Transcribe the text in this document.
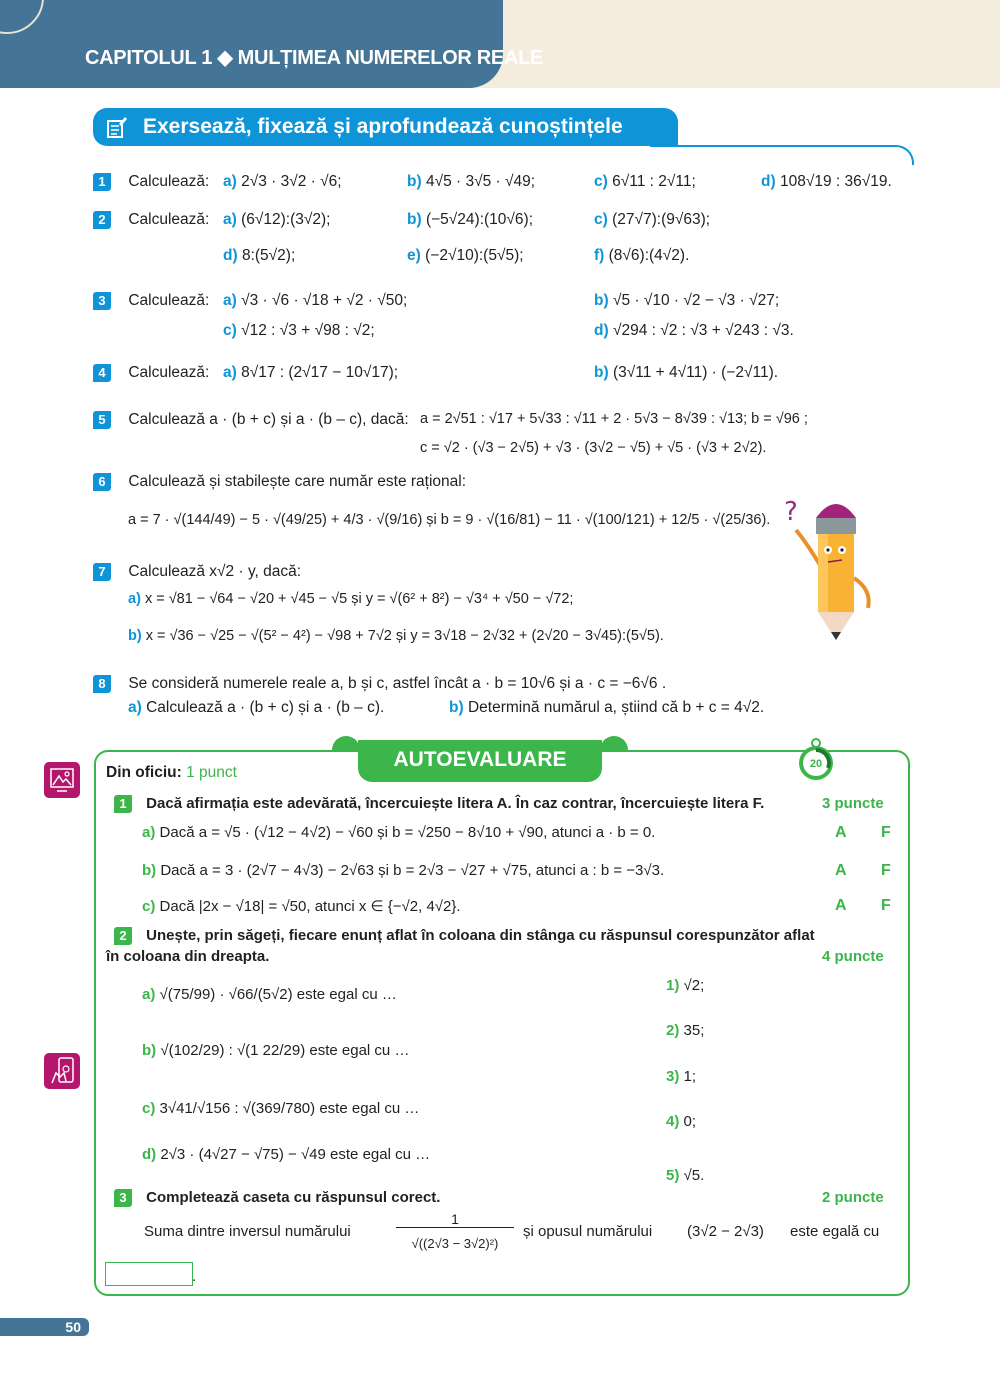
CAPITOLUL 1 ◆ MULȚIMEA NUMERELOR REALE
Exersează, fixează și aprofundează cunoștințele
1 Calculează: a) 2√3 · 3√2 · √6;	b) 4√5 · 3√5 · √49;	c) 6√11 : 2√11;	d) 108√19 : 36√19.
2 Calculează: a) (6√12):(3√2);	b) (−5√24):(10√6);	c) (27√7):(9√63);
d) 8:(5√2);	e) (−2√10):(5√5);	f) (8√6):(4√2).
3 Calculează: a) √3 · √6 · √18 + √2 · √50;	b) √5 · √10 · √2 − √3 · √27;
c) √12 : √3 + √98 : √2;	d) √294 : √2 : √3 + √243 : √3.
4 Calculează: a) 8√17 : (2√17 − 10√17);	b) (3√11 + 4√11) · (−2√11).
5 Calculează a · (b + c) și a · (b – c), dacă: a = 2√51 : √17 + 5√33 : √11 + 2 · 5√3 − 8√39 : √13; b = √96 ;
c = √2 · (√3 − 2√5) + √3 · (3√2 − √5) + √5 · (√3 + 2√2).
6 Calculează și stabilește care număr este rațional:
a = 7 · √(144/49) − 5 · √(49/25) + 4/3 · √(9/16) și b = 9 · √(16/81) − 11 · √(100/121) + 12/5 · √(25/36).
7 Calculează x√2 · y, dacă:
a) x = √81 − √64 − √20 + √45 − √5 și y = √(6² + 8²) − √3⁴ + √50 − √72;
b) x = √36 − √25 − √(5² − 4²) − √98 + 7√2 și y = 3√18 − 2√32 + (2√20 − 3√45):(5√5).
?
8 Se consideră numerele reale a, b și c, astfel încât a · b = 10√6 și a · c = −6√6 .
a) Calculează a · (b + c) și a · (b – c).	b) Determină numărul a, știind că b + c = 4√2.
AUTOEVALUARE	20
Din oficiu: 1 punct
1 Dacă afirmația este adevărată, încercuiește litera A. În caz contrar, încercuiește litera F.	3 puncte
a) Dacă a = √5 · (√12 − 4√2) − √60 și b = √250 − 8√10 + √90, atunci a · b = 0.
b) Dacă a = 3 · (2√7 − 4√3) − 2√63 și b = 2√3 − √27 + √75, atunci a : b = −3√3.
c) Dacă |2x − √18| = √50, atunci x ∈ {−√2, 4√2}.
A F
A F
A F
2 Unește, prin săgeți, fiecare enunț aflat în coloana din stânga cu răspunsul corespunzător aflat
în coloana din dreapta.	4 puncte
a) √(75/99) · √66/(5√2) este egal cu …
b) √(102/29) : √(1 22/29) este egal cu …
c) 3√41/√156 : √(369/780) este egal cu …
d) 2√3 · (4√27 − √75) − √49 este egal cu …
1) √2;
2) 35;
3) 1;
4) 0;
5) √5.
3 Completează caseta cu răspunsul corect.	2 puncte
Suma dintre inversul numărului
1
√((2√3 − 3√2)²)
și opusul numărului (3√2 − 2√3) este egală cu
.
50
